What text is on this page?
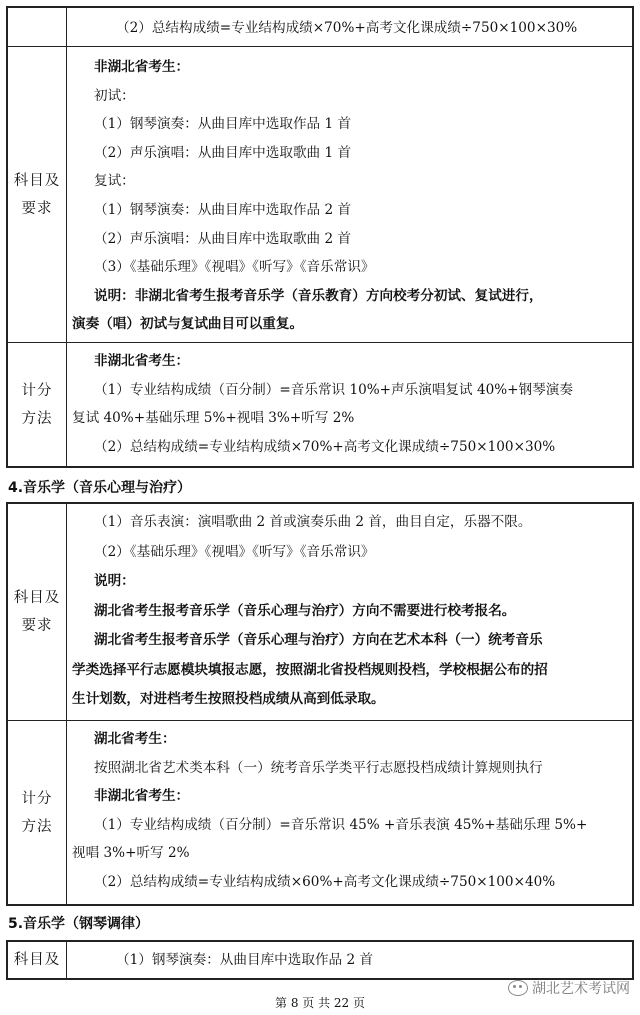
（2）总结构成绩=专业结构成绩×70%+高考文化课成绩÷750×100×30%
科目及
要求
非湖北省考生：
初试：
（1）钢琴演奏：从曲目库中选取作品 1 首
（2）声乐演唱：从曲目库中选取歌曲 1 首
复试：
（1）钢琴演奏：从曲目库中选取作品 2 首
（2）声乐演唱：从曲目库中选取歌曲 2 首
（3）《基础乐理》《视唱》《听写》《音乐常识》
说明：非湖北省考生报考音乐学（音乐教育）方向校考分初试、复试进行，
演奏（唱）初试与复试曲目可以重复。
计分
方法
非湖北省考生：
（1）专业结构成绩（百分制）=音乐常识 10%+声乐演唱复试 40%+钢琴演奏
复试 40%+基础乐理 5%+视唱 3%+听写 2%
（2）总结构成绩=专业结构成绩×70%+高考文化课成绩÷750×100×30%
4.音乐学（音乐心理与治疗）
科目及
要求
（1）音乐表演：演唱歌曲 2 首或演奏乐曲 2 首，曲目自定，乐器不限。
（2）《基础乐理》《视唱》《听写》《音乐常识》
说明：
湖北省考生报考音乐学（音乐心理与治疗）方向不需要进行校考报名。
湖北省考生报考音乐学（音乐心理与治疗）方向在艺术本科（一）统考音乐
学类选择平行志愿模块填报志愿，按照湖北省投档规则投档，学校根据公布的招
生计划数，对进档考生按照投档成绩从高到低录取。
计分
方法
湖北省考生：
按照湖北省艺术类本科（一）统考音乐学类平行志愿投档成绩计算规则执行
非湖北省考生：
（1）专业结构成绩（百分制）=音乐常识 45% +音乐表演 45%+基础乐理 5%+
视唱 3%+听写 2%
（2）总结构成绩=专业结构成绩×60%+高考文化课成绩÷750×100×40%
5.音乐学（钢琴调律）
科目及	（1）钢琴演奏：从曲目库中选取作品 2 首
湖北艺术考试网
第 8 页 共 22 页
